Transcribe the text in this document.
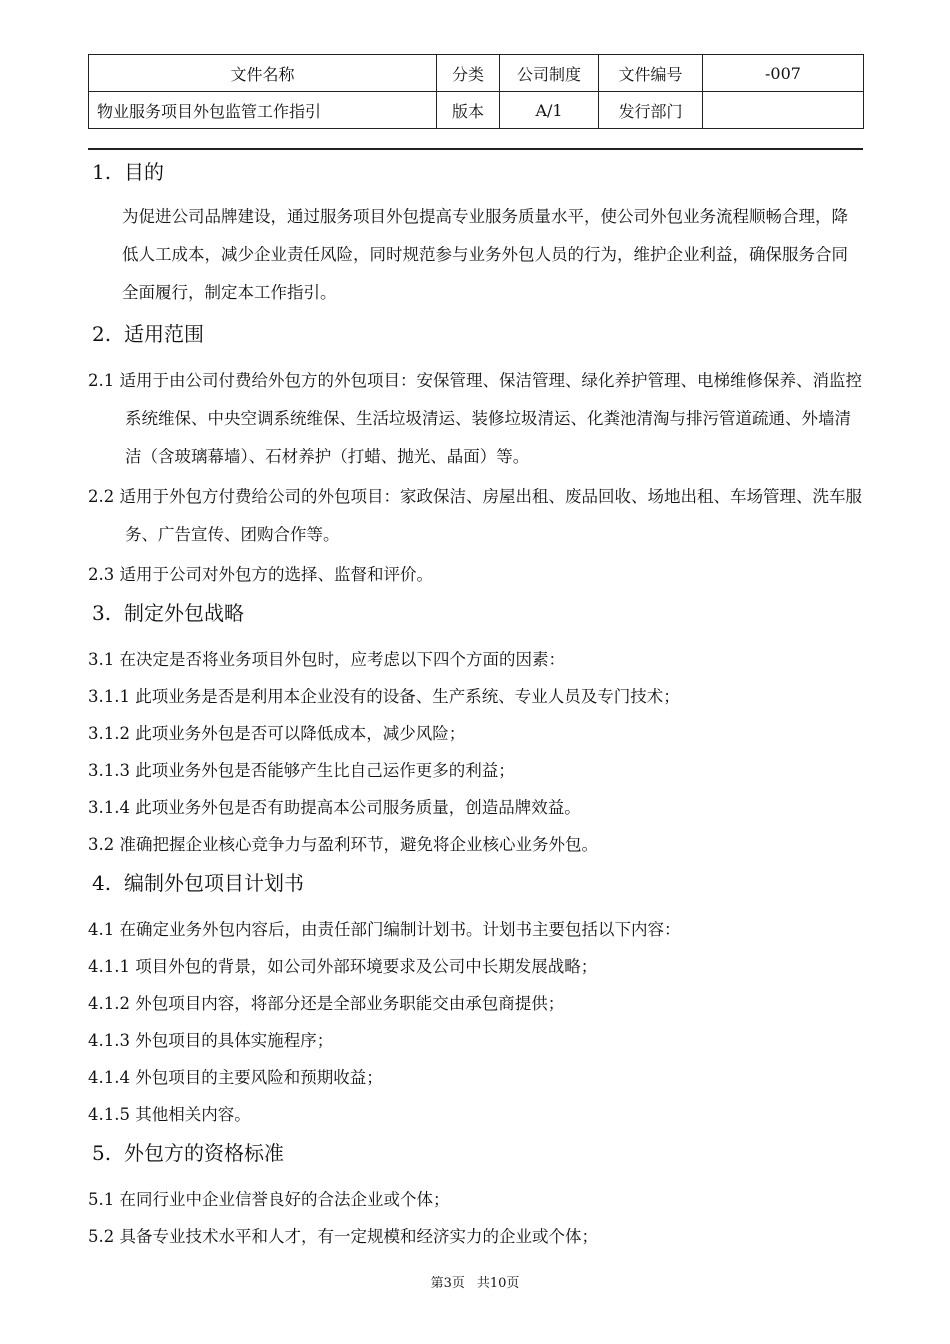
文件名称	分类	公司制度	文件编号	-007
物业服务项目外包监管工作指引	版本	A/1	发行部门	
1. 目的

为促进公司品牌建设，通过服务项目外包提高专业服务质量水平，使公司外包业务流程顺畅合理，降低人工成本，减少企业责任风险，同时规范参与业务外包人员的行为，维护企业利益，确保服务合同全面履行，制定本工作指引。

2. 适用范围

2.1 适用于由公司付费给外包方的外包项目：安保管理、保洁管理、绿化养护管理、电梯维修保养、消监控系统维保、中央空调系统维保、生活垃圾清运、装修垃圾清运、化粪池清淘与排污管道疏通、外墙清洁（含玻璃幕墙）、石材养护（打蜡、抛光、晶面）等。

2.2 适用于外包方付费给公司的外包项目：家政保洁、房屋出租、废品回收、场地出租、车场管理、洗车服务、广告宣传、团购合作等。

2.3 适用于公司对外包方的选择、监督和评价。

3. 制定外包战略

3.1 在决定是否将业务项目外包时，应考虑以下四个方面的因素：

3.1.1 此项业务是否是利用本企业没有的设备、生产系统、专业人员及专门技术；

3.1.2 此项业务外包是否可以降低成本，减少风险；

3.1.3 此项业务外包是否能够产生比自己运作更多的利益；

3.1.4 此项业务外包是否有助提高本公司服务质量，创造品牌效益。

3.2 准确把握企业核心竞争力与盈利环节，避免将企业核心业务外包。

4. 编制外包项目计划书

4.1 在确定业务外包内容后，由责任部门编制计划书。计划书主要包括以下内容：

4.1.1 项目外包的背景，如公司外部环境要求及公司中长期发展战略；

4.1.2 外包项目内容，将部分还是全部业务职能交由承包商提供；

4.1.3 外包项目的具体实施程序；

4.1.4 外包项目的主要风险和预期收益；

4.1.5 其他相关内容。

5. 外包方的资格标准

5.1 在同行业中企业信誉良好的合法企业或个体；

5.2 具备专业技术水平和人才，有一定规模和经济实力的企业或个体；

第3页 共10页
